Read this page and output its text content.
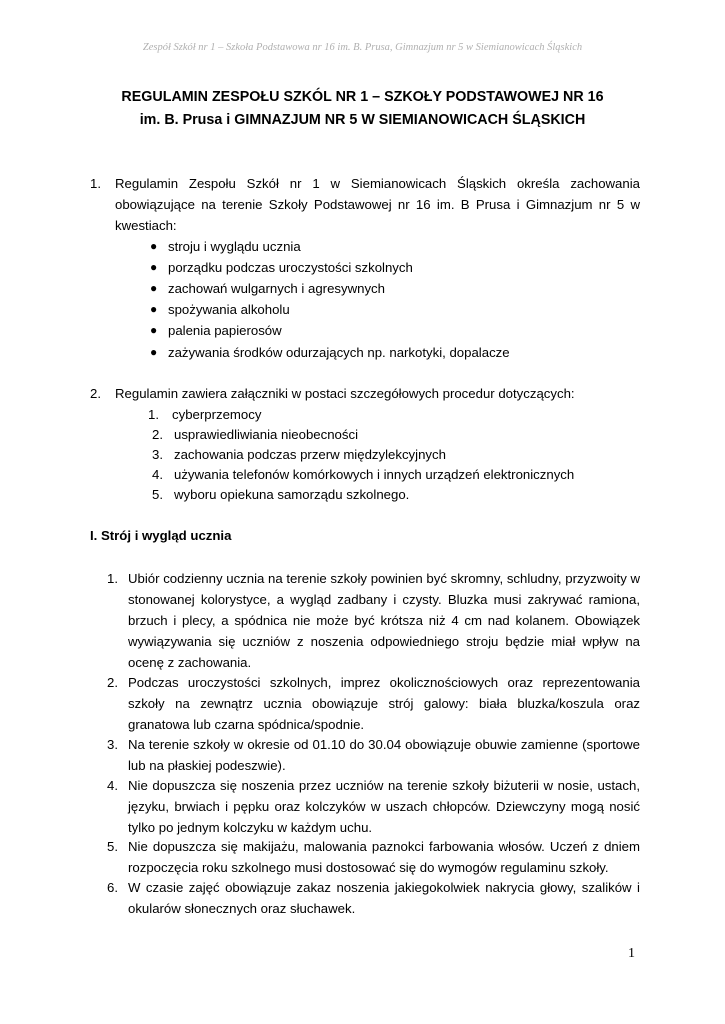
Zespół Szkół nr 1 – Szkoła Podstawowa nr 16 im. B. Prusa, Gimnazjum nr 5 w Siemianowicach Śląskich
REGULAMIN ZESPOŁU SZKÓL NR 1 – SZKOŁY PODSTAWOWEJ NR 16
im. B. Prusa i GIMNAZJUM NR 5 W SIEMIANOWICACH ŚLĄSKICH
1. Regulamin Zespołu Szkół nr 1 w Siemianowicach Śląskich określa zachowania obowiązujące na terenie Szkoły Podstawowej nr 16 im. B Prusa i Gimnazjum nr 5 w kwestiach:
● stroju i wyglądu ucznia
● porządku podczas uroczystości szkolnych
● zachowań wulgarnych i agresywnych
● spożywania alkoholu
● palenia papierosów
● zażywania środków odurzających np. narkotyki, dopalacze
2. Regulamin zawiera załączniki w postaci szczegółowych procedur dotyczących:
1. cyberprzemocy
2. usprawiedliwiania nieobecności
3. zachowania podczas przerw międzylekcyjnych
4. używania telefonów komórkowych i innych urządzeń elektronicznych
5. wyboru opiekuna samorządu szkolnego.
I. Strój i wygląd ucznia
1. Ubiór codzienny ucznia na terenie szkoły powinien być skromny, schludny, przyzwoity w stonowanej kolorystyce, a wygląd zadbany i czysty. Bluzka musi zakrywać ramiona, brzuch i plecy, a spódnica nie może być krótsza niż 4 cm nad kolanem. Obowiązek wywiązywania się uczniów z noszenia odpowiedniego stroju będzie miał wpływ na ocenę z zachowania.
2. Podczas uroczystości szkolnych, imprez okolicznościowych oraz reprezentowania szkoły na zewnątrz ucznia obowiązuje strój galowy: biała bluzka/koszula oraz granatowa lub czarna spódnica/spodnie.
3. Na terenie szkoły w okresie od 01.10 do 30.04 obowiązuje obuwie zamienne (sportowe lub na płaskiej podeszwie).
4. Nie dopuszcza się noszenia przez uczniów na terenie szkoły biżuterii w nosie, ustach, języku, brwiach i pępku oraz kolczyków w uszach chłopców. Dziewczyny mogą nosić tylko po jednym kolczyku w każdym uchu.
5. Nie dopuszcza się makijażu, malowania paznokci farbowania włosów. Uczeń z dniem rozpoczęcia roku szkolnego musi dostosować się do wymogów regulaminu szkoły.
6. W czasie zajęć obowiązuje zakaz noszenia jakiegokolwiek nakrycia głowy, szalików i okularów słonecznych oraz słuchawek.
1
